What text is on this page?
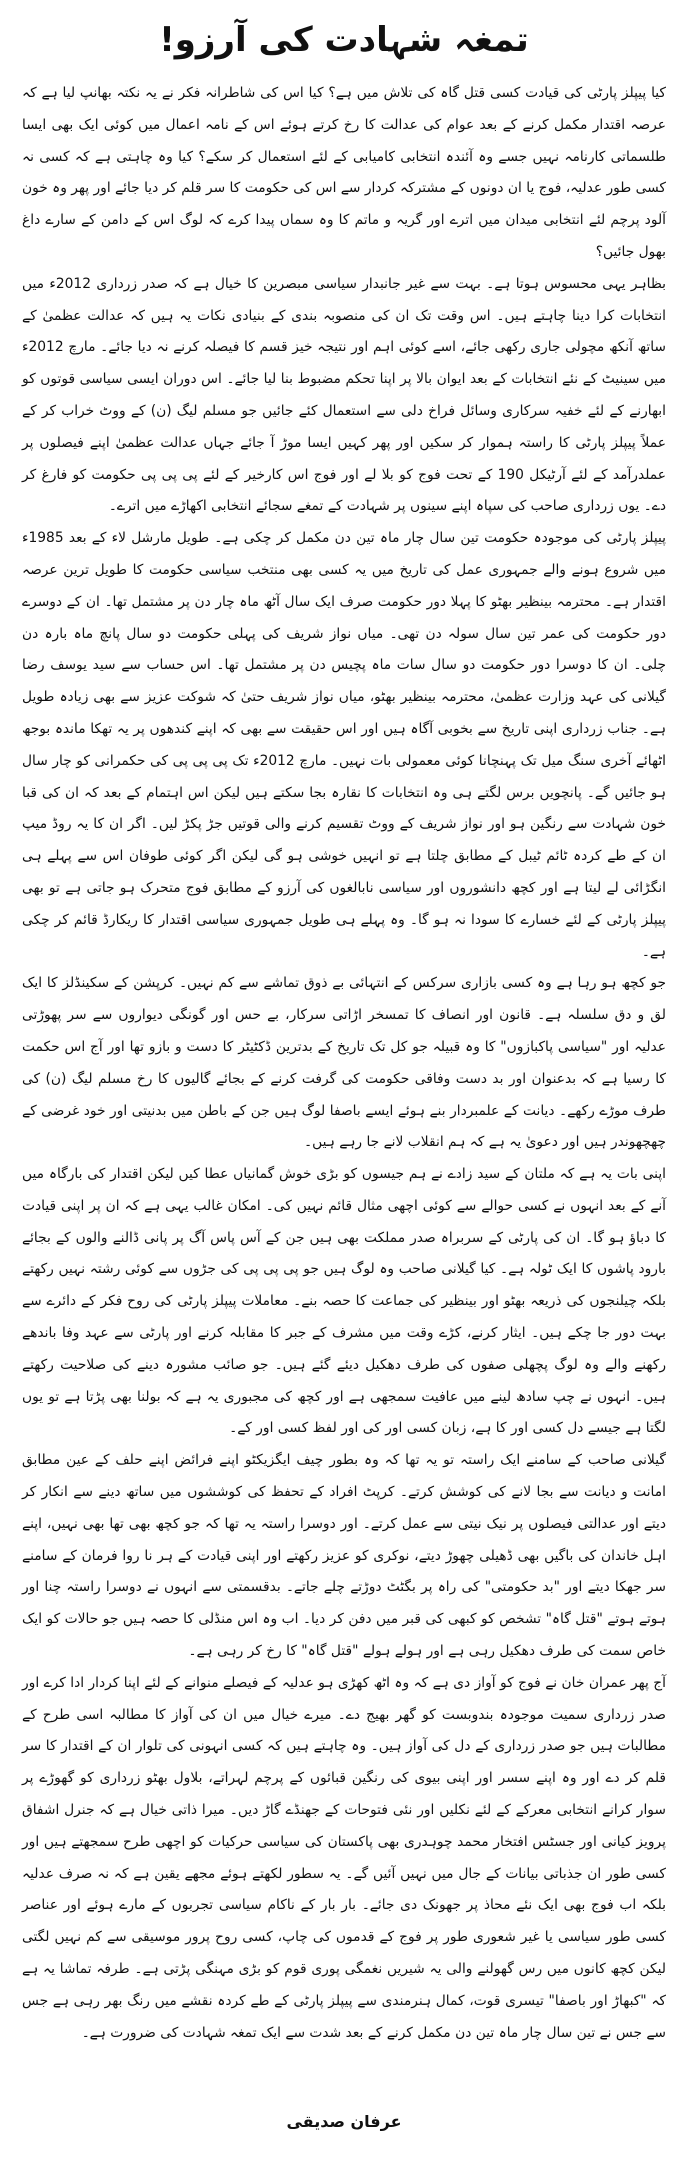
تمغہ شہادت کی آرزو!

کیا پیپلز پارٹی کی قیادت کسی قتل گاہ کی تلاش میں ہے؟ کیا اس کی شاطرانہ فکر نے یہ نکتہ بھانپ لیا ہے کہ عرصہ اقتدار مکمل کرنے کے بعد عوام کی عدالت کا رخ کرتے ہوئے اس کے نامہ اعمال میں کوئی ایک بھی ایسا طلسماتی کارنامہ نہیں جسے وہ آئندہ انتخابی کامیابی کے لئے استعمال کر سکے؟ کیا وہ چاہتی ہے کہ کسی نہ کسی طور عدلیہ، فوج یا ان دونوں کے مشترکہ کردار سے اس کی حکومت کا سر قلم کر دیا جائے اور پھر وہ خون آلود پرچم لئے انتخابی میدان میں اترے اور گریہ و ماتم کا وہ سماں پیدا کرے کہ لوگ اس کے دامن کے سارے داغ بھول جائیں؟

بظاہر یہی محسوس ہوتا ہے۔ بہت سے غیر جانبدار سیاسی مبصرین کا خیال ہے کہ صدر زرداری 2012ء میں انتخابات کرا دینا چاہتے ہیں۔ اس وقت تک ان کی منصوبہ بندی کے بنیادی نکات یہ ہیں کہ عدالت عظمیٰ کے ساتھ آنکھ مچولی جاری رکھی جائے، اسے کوئی اہم اور نتیجہ خیز قسم کا فیصلہ کرنے نہ دیا جائے۔ مارچ 2012ء میں سینیٹ کے نئے انتخابات کے بعد ایوان بالا پر اپنا تحکم مضبوط بنا لیا جائے۔ اس دوران ایسی سیاسی قوتوں کو ابھارنے کے لئے خفیہ سرکاری وسائل فراخ دلی سے استعمال کئے جائیں جو مسلم لیگ (ن) کے ووٹ خراب کر کے عملاً پیپلز پارٹی کا راستہ ہموار کر سکیں اور پھر کہیں ایسا موڑ آ جائے جہاں عدالت عظمیٰ اپنے فیصلوں پر عملدرآمد کے لئے آرٹیکل 190 کے تحت فوج کو بلا لے اور فوج اس کارخیر کے لئے پی پی پی حکومت کو فارغ کر دے۔ یوں زرداری صاحب کی سپاہ اپنے سینوں پر شہادت کے تمغے سجائے انتخابی اکھاڑے میں اترے۔

پیپلز پارٹی کی موجودہ حکومت تین سال چار ماہ تین دن مکمل کر چکی ہے۔ طویل مارشل لاء کے بعد 1985ء میں شروع ہونے والے جمہوری عمل کی تاریخ میں یہ کسی بھی منتخب سیاسی حکومت کا طویل ترین عرصہ اقتدار ہے۔ محترمہ بینظیر بھٹو کا پہلا دور حکومت صرف ایک سال آٹھ ماہ چار دن پر مشتمل تھا۔ ان کے دوسرے دور حکومت کی عمر تین سال سولہ دن تھی۔ میاں نواز شریف کی پہلی حکومت دو سال پانچ ماہ بارہ دن چلی۔ ان کا دوسرا دور حکومت دو سال سات ماہ پچیس دن پر مشتمل تھا۔ اس حساب سے سید یوسف رضا گیلانی کی عہد وزارت عظمیٰ، محترمہ بینظیر بھٹو، میاں نواز شریف حتیٰ کہ شوکت عزیز سے بھی زیادہ طویل ہے۔ جناب زرداری اپنی تاریخ سے بخوبی آگاہ ہیں اور اس حقیقت سے بھی کہ اپنے کندھوں پر یہ تھکا ماندہ بوجھ اٹھائے آخری سنگ میل تک پہنچانا کوئی معمولی بات نہیں۔ مارچ 2012ء تک پی پی پی کی حکمرانی کو چار سال ہو جائیں گے۔ پانچویں برس لگتے ہی وہ انتخابات کا نقارہ بجا سکتے ہیں لیکن اس اہتمام کے بعد کہ ان کی قبا خون شہادت سے رنگین ہو اور نواز شریف کے ووٹ تقسیم کرنے والی قوتیں جڑ پکڑ لیں۔ اگر ان کا یہ روڈ میپ ان کے طے کردہ ٹائم ٹیبل کے مطابق چلتا ہے تو انہیں خوشی ہو گی لیکن اگر کوئی طوفان اس سے پہلے ہی انگڑائی لے لیتا ہے اور کچھ دانشوروں اور سیاسی نابالغوں کی آرزو کے مطابق فوج متحرک ہو جاتی ہے تو بھی پیپلز پارٹی کے لئے خسارے کا سودا نہ ہو گا۔ وہ پہلے ہی طویل جمہوری سیاسی اقتدار کا ریکارڈ قائم کر چکی ہے۔

جو کچھ ہو رہا ہے وہ کسی بازاری سرکس کے انتہائی بے ذوق تماشے سے کم نہیں۔ کرپشن کے سکینڈلز کا ایک لق و دق سلسلہ ہے۔ قانون اور انصاف کا تمسخر اڑاتی سرکار، بے حس اور گونگی دیواروں سے سر پھوڑتی عدلیہ اور "سیاسی پاکبازوں" کا وہ قبیلہ جو کل تک تاریخ کے بدترین ڈکٹیٹر کا دست و بازو تھا اور آج اس حکمت کا رسیا ہے کہ بدعنوان اور بد دست وفاقی حکومت کی گرفت کرنے کے بجائے گالیوں کا رخ مسلم لیگ (ن) کی طرف موڑے رکھے۔ دیانت کے علمبردار بنے ہوئے ایسے باصفا لوگ ہیں جن کے باطن میں بدنیتی اور خود غرضی کے چھچھوندر ہیں اور دعویٰ یہ ہے کہ ہم انقلاب لانے جا رہے ہیں۔

اپنی بات یہ ہے کہ ملتان کے سید زادے نے ہم جیسوں کو بڑی خوش گمانیاں عطا کیں لیکن اقتدار کی بارگاہ میں آنے کے بعد انہوں نے کسی حوالے سے کوئی اچھی مثال قائم نہیں کی۔ امکان غالب یہی ہے کہ ان پر اپنی قیادت کا دباؤ ہو گا۔ ان کی پارٹی کے سربراہ صدر مملکت بھی ہیں جن کے آس پاس آگ پر پانی ڈالنے والوں کے بجائے بارود پاشوں کا ایک ٹولہ ہے۔ کیا گیلانی صاحب وہ لوگ ہیں جو پی پی پی کی جڑوں سے کوئی رشتہ نہیں رکھتے بلکہ چیلنجوں کی ذریعہ بھٹو اور بینظیر کی جماعت کا حصہ بنے۔ معاملات پیپلز پارٹی کی روح فکر کے دائرے سے بہت دور جا چکے ہیں۔ ایثار کرنے، کڑے وقت میں مشرف کے جبر کا مقابلہ کرنے اور پارٹی سے عہد وفا باندھے رکھنے والے وہ لوگ پچھلی صفوں کی طرف دھکیل دیئے گئے ہیں۔ جو صائب مشورہ دینے کی صلاحیت رکھتے ہیں۔ انہوں نے چپ سادھ لینے میں عافیت سمجھی ہے اور کچھ کی مجبوری یہ ہے کہ بولنا بھی پڑتا ہے تو یوں لگتا ہے جیسے دل کسی اور کا ہے، زبان کسی اور کی اور لفظ کسی اور کے۔

گیلانی صاحب کے سامنے ایک راستہ تو یہ تھا کہ وہ بطور چیف ایگزیکٹو اپنے فرائض اپنے حلف کے عین مطابق امانت و دیانت سے بجا لانے کی کوشش کرتے۔ کرپٹ افراد کے تحفظ کی کوششوں میں ساتھ دینے سے انکار کر دیتے اور عدالتی فیصلوں پر نیک نیتی سے عمل کرتے۔ اور دوسرا راستہ یہ تھا کہ جو کچھ بھی تھا بھی نہیں، اپنے اہل خاندان کی باگیں بھی ڈھیلی چھوڑ دیتے، نوکری کو عزیز رکھتے اور اپنی قیادت کے ہر نا روا فرمان کے سامنے سر جھکا دیتے اور "بد حکومتی" کی راہ پر بگٹٹ دوڑتے چلے جاتے۔ بدقسمتی سے انہوں نے دوسرا راستہ چنا اور ہوتے ہوتے "قتل گاہ" تشخص کو کبھی کی قبر میں دفن کر دیا۔ اب وہ اس منڈلی کا حصہ ہیں جو حالات کو ایک خاص سمت کی طرف دھکیل رہی ہے اور ہولے ہولے "قتل گاہ" کا رخ کر رہی ہے۔

آج پھر عمران خان نے فوج کو آواز دی ہے کہ وہ اٹھ کھڑی ہو عدلیہ کے فیصلے منوانے کے لئے اپنا کردار ادا کرے اور صدر زرداری سمیت موجودہ بندوبست کو گھر بھیج دے۔ میرے خیال میں ان کی آواز کا مطالبہ اسی طرح کے مطالبات ہیں جو صدر زرداری کے دل کی آواز ہیں۔ وہ چاہتے ہیں کہ کسی انہونی کی تلوار ان کے اقتدار کا سر قلم کر دے اور وہ اپنے سسر اور اپنی بیوی کی رنگین قبائوں کے پرچم لہراتے، بلاول بھٹو زرداری کو گھوڑے پر سوار کرانے انتخابی معرکے کے لئے نکلیں اور نئی فتوحات کے جھنڈے گاڑ دیں۔ میرا ذاتی خیال ہے کہ جنرل اشفاق پرویز کیانی اور جسٹس افتخار محمد چوہدری بھی پاکستان کی سیاسی حرکیات کو اچھی طرح سمجھتے ہیں اور کسی طور ان جذباتی بیانات کے جال میں نہیں آئیں گے۔ یہ سطور لکھتے ہوئے مجھے یقین ہے کہ نہ صرف عدلیہ بلکہ اب فوج بھی ایک نئے محاذ پر جھونک دی جائے۔ بار بار کے ناکام سیاسی تجربوں کے مارے ہوئے اور عناصر کسی طور سیاسی یا غیر شعوری طور پر فوج کے قدموں کی چاپ، کسی روح پرور موسیقی سے کم نہیں لگتی لیکن کچھ کانوں میں رس گھولنے والی یہ شیریں نغمگی پوری قوم کو بڑی مہنگی پڑتی ہے۔ طرفہ تماشا یہ ہے کہ "کبھاڑ اور باصفا" تیسری قوت، کمال ہنرمندی سے پیپلز پارٹی کے طے کردہ نقشے میں رنگ بھر رہی ہے جس سے جس نے تین سال چار ماہ تین دن مکمل کرنے کے بعد شدت سے ایک تمغہ شہادت کی ضرورت ہے۔

عرفان صدیقی
